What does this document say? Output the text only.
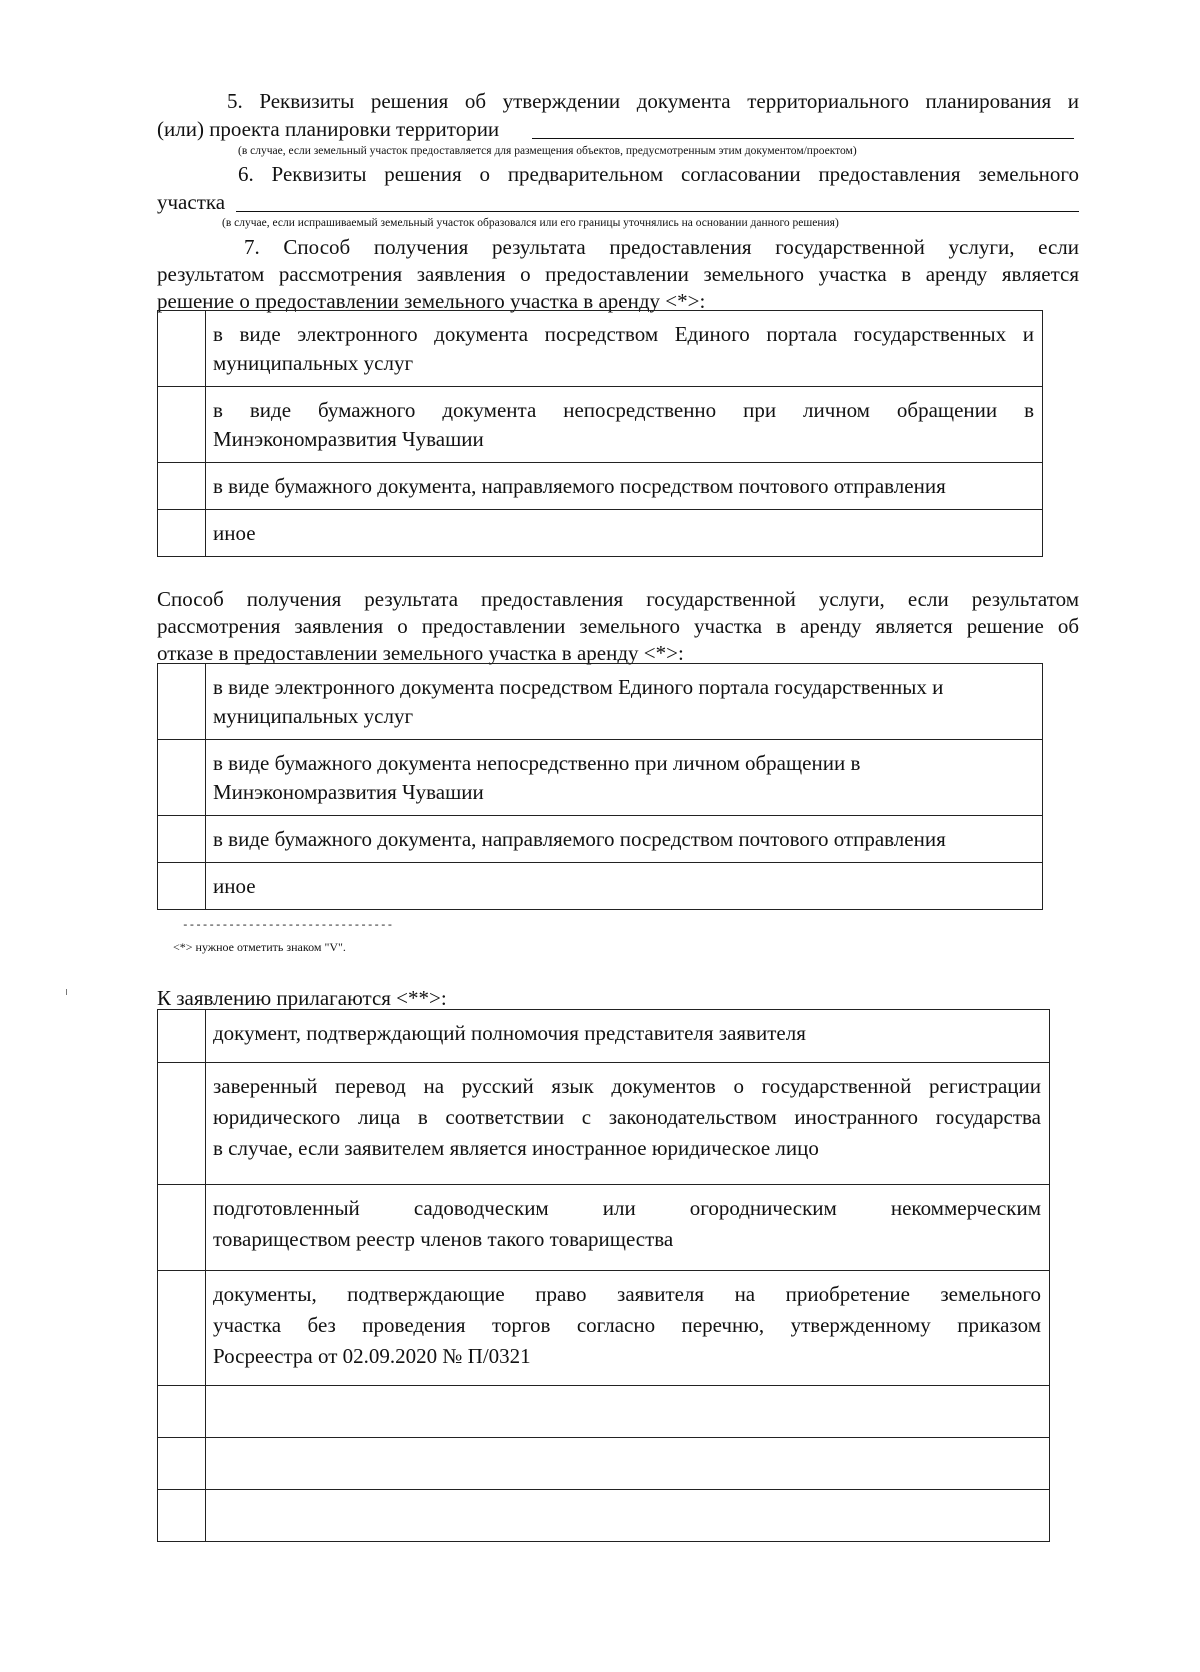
5. Реквизиты решения об утверждении документа территориального планирования и
(или) проекта планировки территории
(в случае, если земельный участок предоставляется для размещения объектов, предусмотренным этим документом/проектом)
6. Реквизиты решения о предварительном согласовании предоставления земельного
участка
(в случае, если испрашиваемый земельный участок образовался или его границы уточнялись на основании данного решения)
7. Способ получения результата предоставления государственной услуги, если
результатом рассмотрения заявления о предоставлении земельного участка в аренду является
решение о предоставлении земельного участка в аренду <*>:

	в виде электронного документа посредством Единого портала государственных и
муниципальных услуг

	в виде бумажного документа непосредственно при личном обращении в
Минэкономразвития Чувашии

	в виде бумажного документа, направляемого посредством почтового отправления

	иное
Способ получения результата предоставления государственной услуги, если результатом
рассмотрения заявления о предоставлении земельного участка в аренду является решение об
отказе в предоставлении земельного участка в аренду <*>:

	в виде электронного документа посредством Единого портала государственных и
муниципальных услуг

	в виде бумажного документа непосредственно при личном обращении в
Минэкономразвития Чувашии

	в виде бумажного документа, направляемого посредством почтового отправления

	иное
--------------------------------
<*> нужное отметить знаком "V".
К заявлению прилагаются <**>:

	документ, подтверждающий полномочия представителя заявителя

	заверенный перевод на русский язык документов о государственной регистрации
юридического лица в соответствии с законодательством иностранного государства
в случае, если заявителем является иностранное юридическое лицо

	подготовленный садоводческим или огородническим некоммерческим
товариществом реестр членов такого товарищества

	документы, подтверждающие право заявителя на приобретение земельного
участка без проведения торгов согласно перечню, утвержденному приказом
Росреестра от 02.09.2020 № П/0321
